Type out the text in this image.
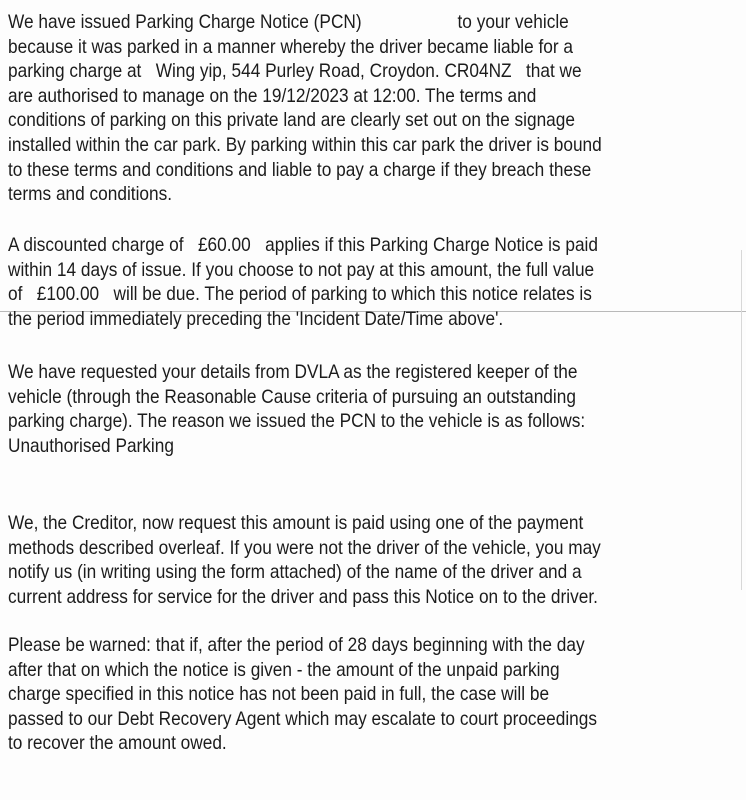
We have issued Parking Charge Notice (PCN)                    to your vehicle
because it was parked in a manner whereby the driver became liable for a
parking charge at   Wing yip, 544 Purley Road, Croydon. CR04NZ   that we
are authorised to manage on the 19/12/2023 at 12:00. The terms and
conditions of parking on this private land are clearly set out on the signage
installed within the car park. By parking within this car park the driver is bound
to these terms and conditions and liable to pay a charge if they breach these
terms and conditions.
A discounted charge of   £60.00   applies if this Parking Charge Notice is paid
within 14 days of issue. If you choose to not pay at this amount, the full value
of   £100.00   will be due. The period of parking to which this notice relates is
the period immediately preceding the 'Incident Date/Time above'.
We have requested your details from DVLA as the registered keeper of the
vehicle (through the Reasonable Cause criteria of pursuing an outstanding
parking charge). The reason we issued the PCN to the vehicle is as follows:
Unauthorised Parking
We, the Creditor, now request this amount is paid using one of the payment
methods described overleaf. If you were not the driver of the vehicle, you may
notify us (in writing using the form attached) of the name of the driver and a
current address for service for the driver and pass this Notice on to the driver.
Please be warned: that if, after the period of 28 days beginning with the day
after that on which the notice is given - the amount of the unpaid parking
charge specified in this notice has not been paid in full, the case will be
passed to our Debt Recovery Agent which may escalate to court proceedings
to recover the amount owed.
